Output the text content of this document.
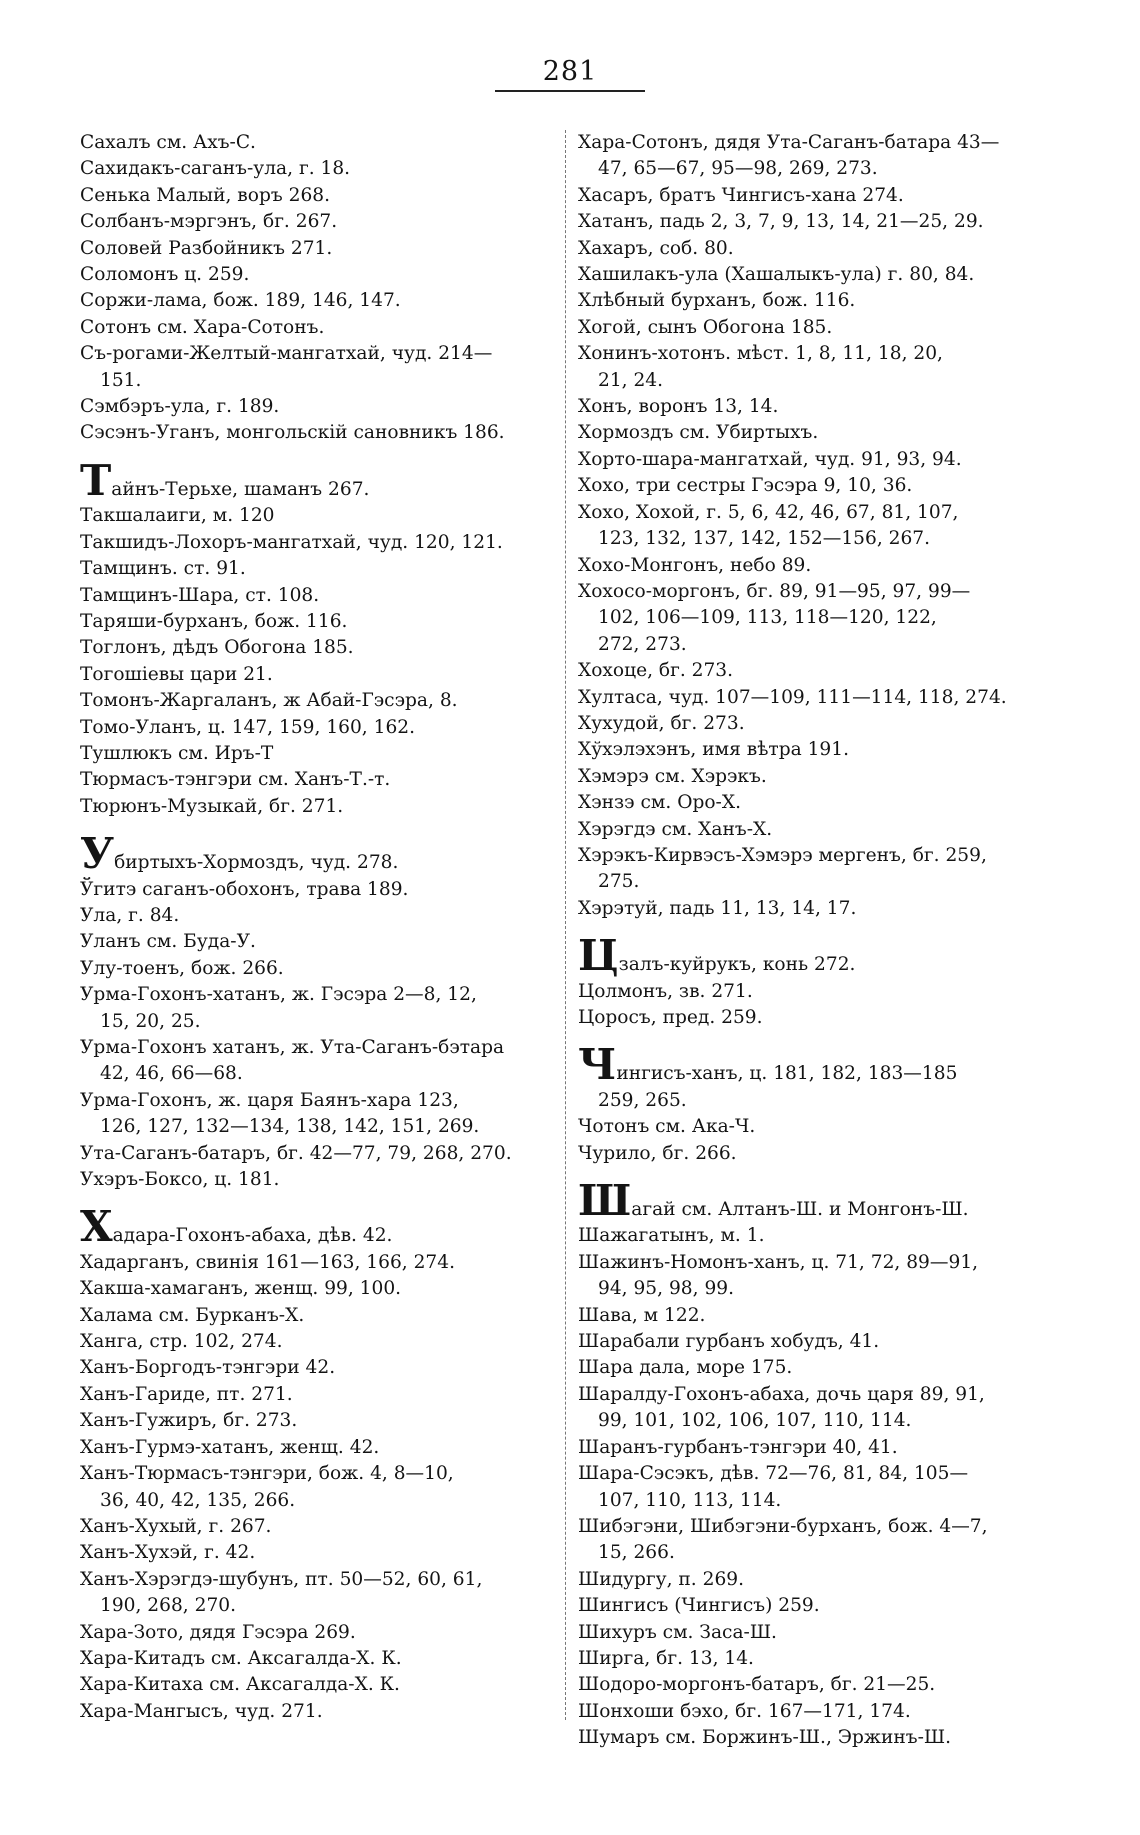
281
Сахалъ см. Ахъ-С.
Сахидакъ-саганъ-ула, г. 18.
Сенька Малый, воръ 268.
Солбанъ-мэргэнъ, бг. 267.
Соловей Разбойникъ 271.
Соломонъ ц. 259.
Соржи-лама, бож. 189, 146, 147.
Сотонъ см. Хара-Сотонъ.
Съ-рогами-Желтый-мангатхай, чуд. 214—
151.
Сэмбэръ-ула, г. 189.
Сэсэнъ-Уганъ, монгольскій сановникъ 186.
Тайнъ-Терьхе, шаманъ 267.
Такшалаиги, м. 120
Такшидъ-Лохоръ-мангатхай, чуд. 120, 121.
Тамщинъ. ст. 91.
Тамщинъ-Шара, ст. 108.
Таряши-бурханъ, бож. 116.
Тоглонъ, дѣдъ Обогона 185.
Тогошіевы цари 21.
Томонъ-Жаргаланъ, ж Абай-Гэсэра, 8.
Томо-Уланъ, ц. 147, 159, 160, 162.
Тушлюкъ см. Иръ-Т
Тюрмасъ-тэнгэри см. Ханъ-Т.-т.
Тюрюнъ-Музыкай, бг. 271.
Убиртыхъ-Хормоздъ, чуд. 278.
Ўгитэ саганъ-обохонъ, трава 189.
Ула, г. 84.
Уланъ см. Буда-У.
Улу-тоенъ, бож. 266.
Урма-Гохонъ-хатанъ, ж. Гэсэра 2—8, 12,
15, 20, 25.
Урма-Гохонъ хатанъ, ж. Ута-Саганъ-бэтара
42, 46, 66—68.
Урма-Гохонъ, ж. царя Баянъ-хара 123,
126, 127, 132—134, 138, 142, 151, 269.
Ута-Саганъ-батаръ, бг. 42—77, 79, 268, 270.
Ухэръ-Боксо, ц. 181.
Хадара-Гохонъ-абаха, дѣв. 42.
Хадарганъ, свинія 161—163, 166, 274.
Хакша-хамаганъ, женщ. 99, 100.
Халама см. Бурканъ-Х.
Ханга, стр. 102, 274.
Ханъ-Боргодъ-тэнгэри 42.
Ханъ-Гариде, пт. 271.
Ханъ-Гужиръ, бг. 273.
Ханъ-Гурмэ-хатанъ, женщ. 42.
Ханъ-Тюрмасъ-тэнгэри, бож. 4, 8—10,
36, 40, 42, 135, 266.
Ханъ-Хухый, г. 267.
Ханъ-Хухэй, г. 42.
Ханъ-Хэрэгдэ-шубунъ, пт. 50—52, 60, 61,
190, 268, 270.
Хара-Зото, дядя Гэсэра 269.
Хара-Китадъ см. Аксагалда-Х. К.
Хара-Китаха см. Аксагалда-Х. К.
Хара-Мангысъ, чуд. 271.
Хара-Сотонъ, дядя Ута-Саганъ-батара 43—
47, 65—67, 95—98, 269, 273.
Хасаръ, братъ Чингисъ-хана 274.
Хатанъ, падь 2, 3, 7, 9, 13, 14, 21—25, 29.
Хахаръ, соб. 80.
Хашилакъ-ула (Хашалыкъ-ула) г. 80, 84.
Хлѣбный бурханъ, бож. 116.
Хогой, сынъ Обогона 185.
Хонинъ-хотонъ. мѣст. 1, 8, 11, 18, 20,
21, 24.
Хонъ, воронъ 13, 14.
Хормоздъ см. Убиртыхъ.
Хорто-шара-мангатхай, чуд. 91, 93, 94.
Хохо, три сестры Гэсэра 9, 10, 36.
Хохо, Хохой, г. 5, 6, 42, 46, 67, 81, 107,
123, 132, 137, 142, 152—156, 267.
Хохо-Монгонъ, небо 89.
Хохосо-моргонъ, бг. 89, 91—95, 97, 99—
102, 106—109, 113, 118—120, 122,
272, 273.
Хохоце, бг. 273.
Хултаса, чуд. 107—109, 111—114, 118, 274.
Хухудой, бг. 273.
Хўхэлэхэнъ, имя вѣтра 191.
Хэмэрэ см. Хэрэкъ.
Хэнзэ см. Оро-Х.
Хэрэгдэ см. Ханъ-Х.
Хэрэкъ-Кирвэсъ-Хэмэрэ мергенъ, бг. 259,
275.
Хэрэтуй, падь 11, 13, 14, 17.
Цзалъ-куйрукъ, конь 272.
Цолмонъ, зв. 271.
Цоросъ, пред. 259.
Чингисъ-ханъ, ц. 181, 182, 183—185
259, 265.
Чотонъ см. Ака-Ч.
Чурило, бг. 266.
Шагай см. Алтанъ-Ш. и Монгонъ-Ш.
Шажагатынъ, м. 1.
Шажинъ-Номонъ-ханъ, ц. 71, 72, 89—91,
94, 95, 98, 99.
Шава, м 122.
Шарабали гурбанъ хобудъ, 41.
Шара дала, море 175.
Шаралду-Гохонъ-абаха, дочь царя 89, 91,
99, 101, 102, 106, 107, 110, 114.
Шаранъ-гурбанъ-тэнгэри 40, 41.
Шара-Сэсэкъ, дѣв. 72—76, 81, 84, 105—
107, 110, 113, 114.
Шибэгэни, Шибэгэни-бурханъ, бож. 4—7,
15, 266.
Шидургу, п. 269.
Шингисъ (Чингисъ) 259.
Шихуръ см. Заса-Ш.
Ширга, бг. 13, 14.
Шодоро-моргонъ-батаръ, бг. 21—25.
Шонхоши бэхо, бг. 167—171, 174.
Шумаръ см. Боржинъ-Ш., Эржинъ-Ш.
